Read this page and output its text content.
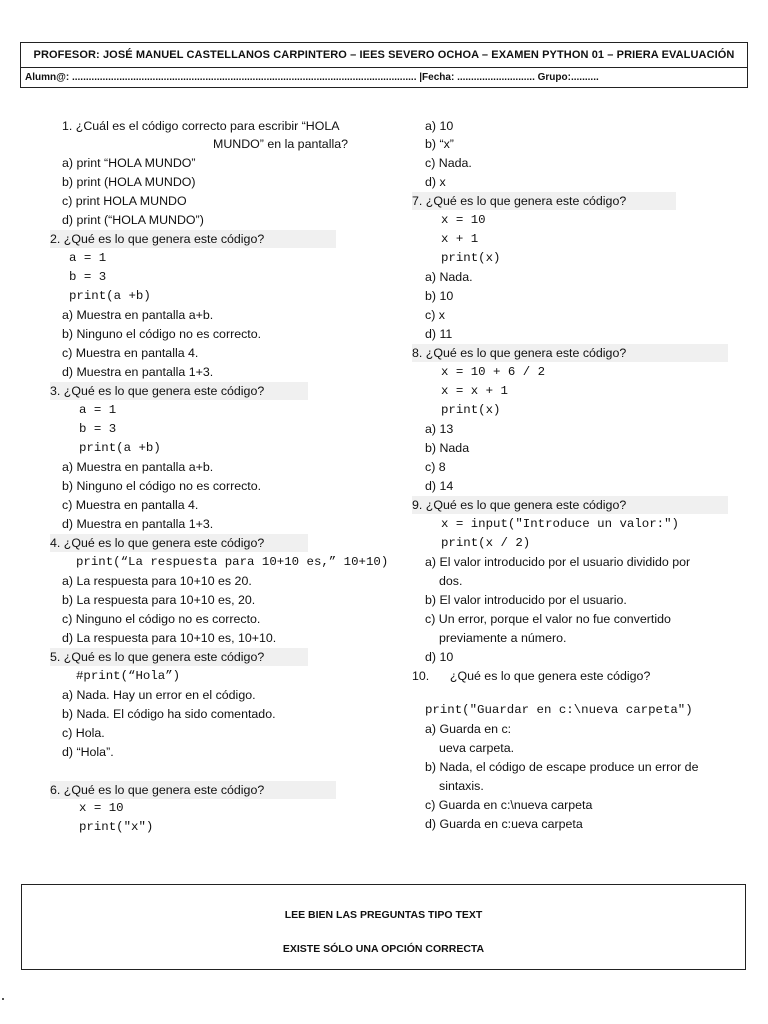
PROFESOR: JOSÉ MANUEL CASTELLANOS CARPINTERO – IEES SEVERO OCHOA – EXAMEN PYTHON 01 – PRIERA EVALUACIÓN
Alumn@: ............................................................................................................................ |Fecha: ............................ Grupo:..........
1. ¿Cuál es el código correcto para escribir “HOLA
MUNDO” en la pantalla?
a) print “HOLA MUNDO”
b) print (HOLA MUNDO)
c) print HOLA MUNDO
d) print (“HOLA MUNDO”)
2. ¿Qué es lo que genera este código?
a = 1
b = 3
print(a +b)
a) Muestra en pantalla a+b.
b) Ninguno el código no es correcto.
c) Muestra en pantalla 4.
d) Muestra en pantalla 1+3.
3. ¿Qué es lo que genera este código?
a = 1
b = 3
print(a +b)
a) Muestra en pantalla a+b.
b) Ninguno el código no es correcto.
c) Muestra en pantalla 4.
d) Muestra en pantalla 1+3.
4. ¿Qué es lo que genera este código?
print(“La respuesta para 10+10 es,” 10+10)
a) La respuesta para 10+10 es 20.
b) La respuesta para 10+10 es, 20.
c) Ninguno el código no es correcto.
d) La respuesta para 10+10 es, 10+10.
5. ¿Qué es lo que genera este código?
#print(“Hola”)
a) Nada. Hay un error en el código.
b) Nada. El código ha sido comentado.
c) Hola.
d) “Hola”.
6. ¿Qué es lo que genera este código?
x = 10
print("x")
a) 10
b) “x”
c) Nada.
d) x
7. ¿Qué es lo que genera este código?
x = 10
x + 1
print(x)
a) Nada.
b) 10
c) x
d) 11
8. ¿Qué es lo que genera este código?
x = 10 + 6 / 2
x = x + 1
print(x)
a) 13
b) Nada
c) 8
d) 14
9. ¿Qué es lo que genera este código?
x = input("Introduce un valor:")
print(x / 2)
a) El valor introducido por el usuario dividido por
dos.
b) El valor introducido por el usuario.
c) Un error, porque el valor no fue convertido
previamente a número.
d) 10
10.      ¿Qué es lo que genera este código?
print("Guardar en c:\nueva carpeta")
a) Guarda en c:
ueva carpeta.
b) Nada, el código de escape produce un error de
sintaxis.
c) Guarda en c:\nueva carpeta
d) Guarda en c:ueva carpeta
LEE BIEN LAS PREGUNTAS TIPO TEXT
EXISTE SÓLO UNA OPCIÓN CORRECTA
